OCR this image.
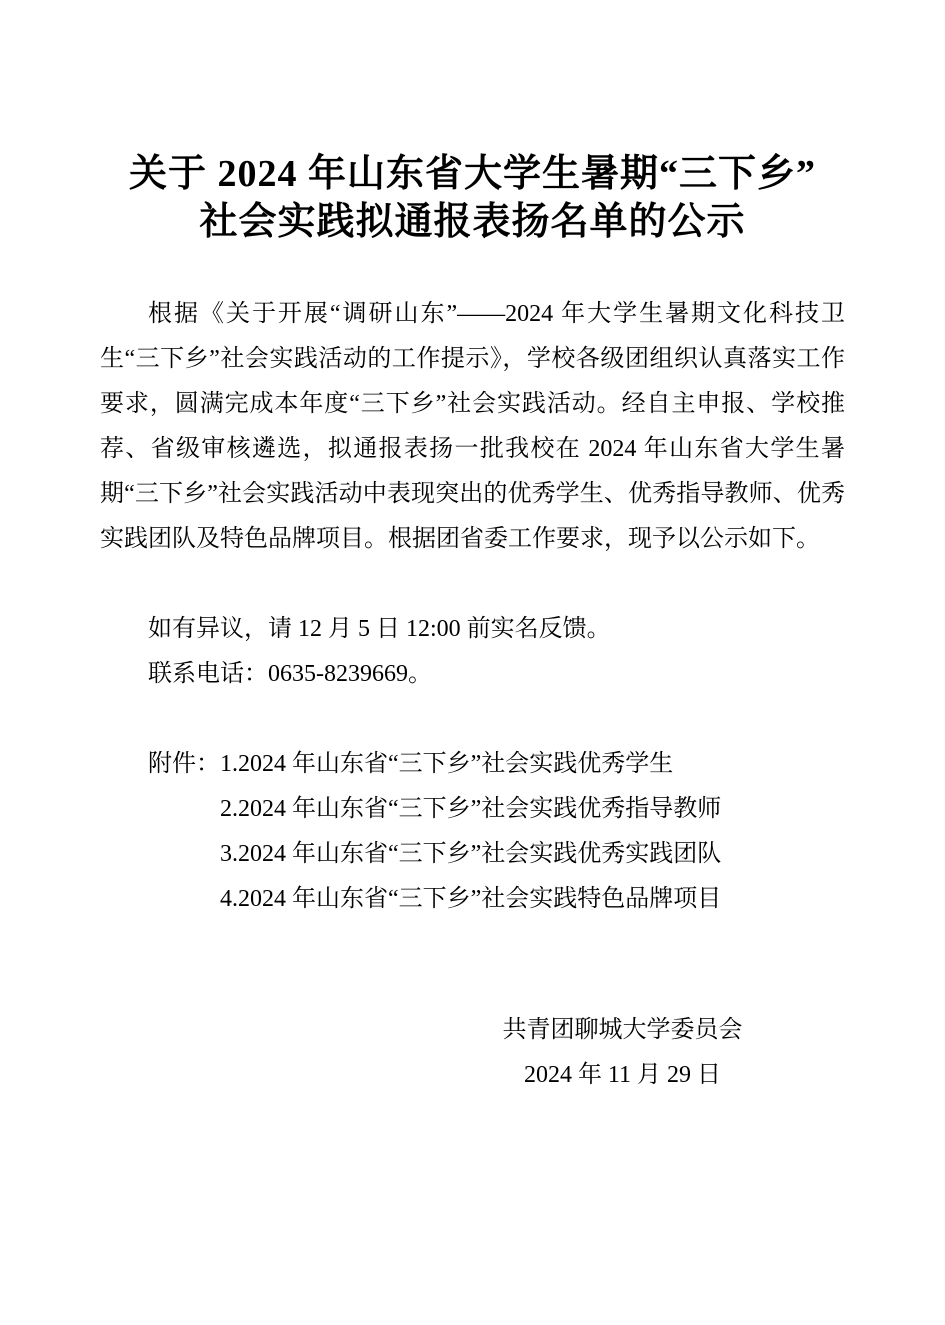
关于 2024 年山东省大学生暑期“三下乡”
社会实践拟通报表扬名单的公示

根据《关于开展“调研山东”——2024 年大学生暑期文化科技卫生“三下乡”社会实践活动的工作提示》，学校各级团组织认真落实工作要求，圆满完成本年度“三下乡”社会实践活动。经自主申报、学校推荐、省级审核遴选，拟通报表扬一批我校在 2024 年山东省大学生暑期“三下乡”社会实践活动中表现突出的优秀学生、优秀指导教师、优秀实践团队及特色品牌项目。根据团省委工作要求，现予以公示如下。

如有异议，请 12 月 5 日 12:00 前实名反馈。

联系电话：0635-8239669。

附件： 1.2024 年山东省“三下乡”社会实践优秀学生
2.2024 年山东省“三下乡”社会实践优秀指导教师
3.2024 年山东省“三下乡”社会实践优秀实践团队
4.2024 年山东省“三下乡”社会实践特色品牌项目
共青团聊城大学委员会
2024 年 11 月 29 日
